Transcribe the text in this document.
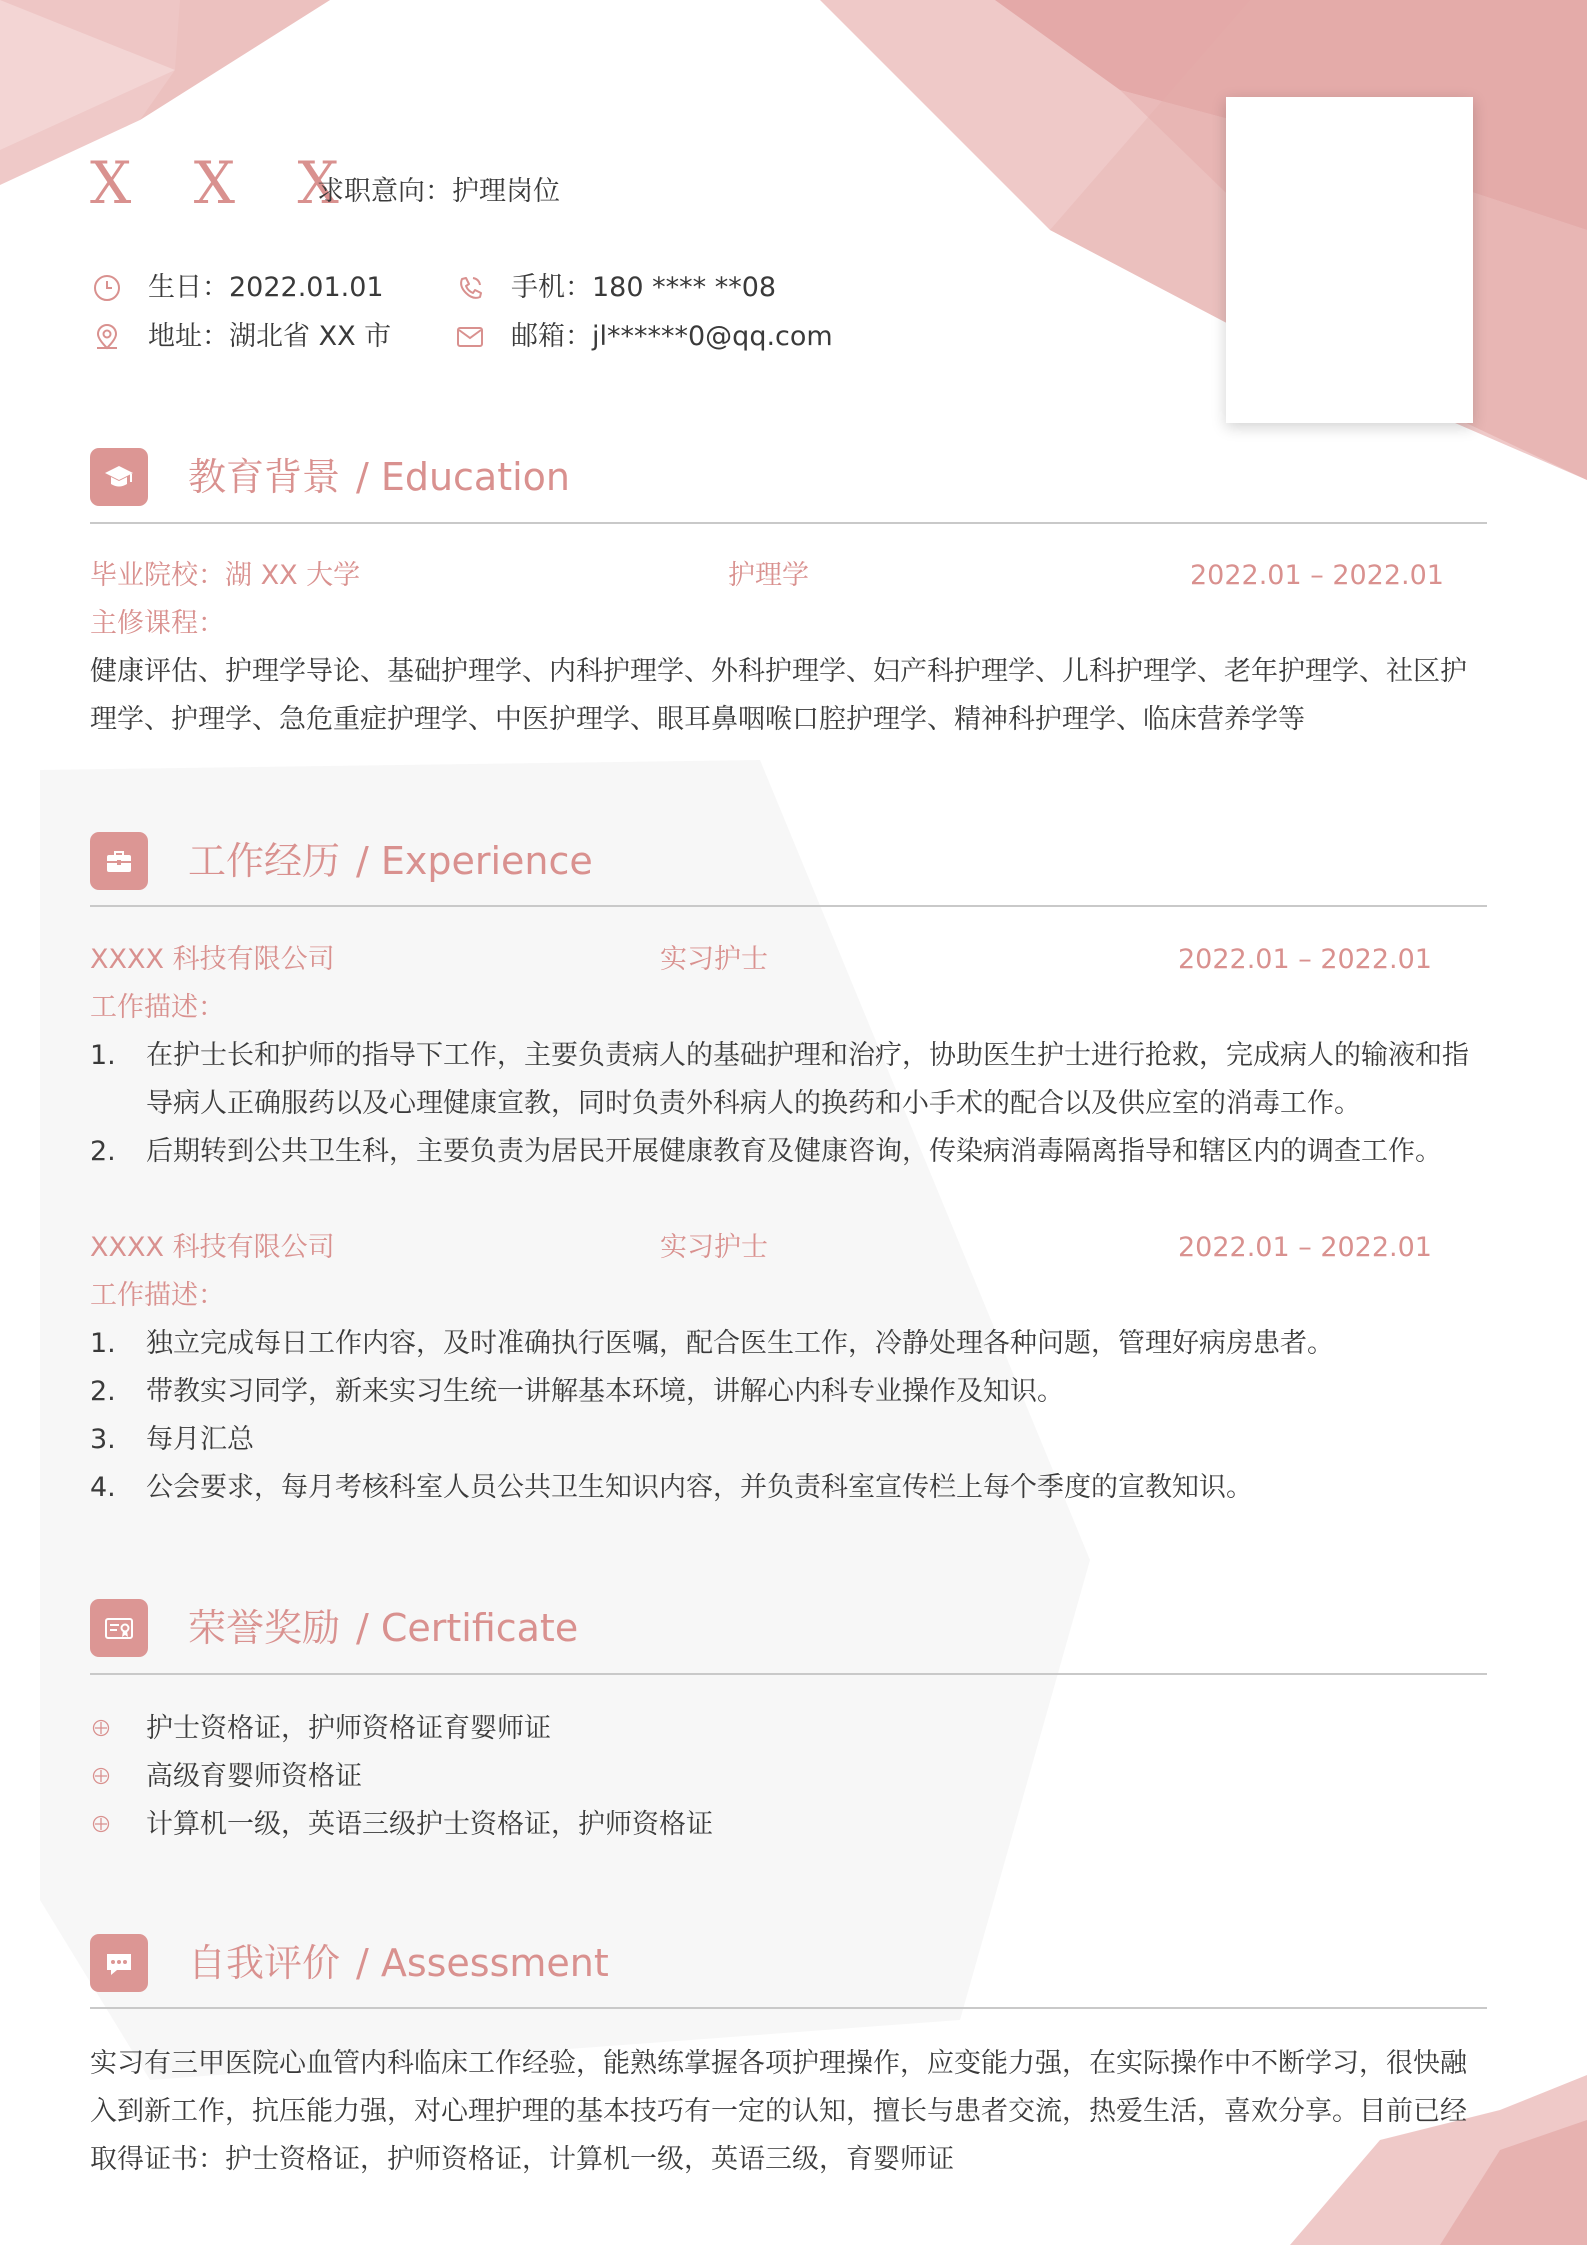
X X X
求职意向：护理岗位
生日：2022.01.01	手机：180 **** **08
地址：湖北省 XX 市	邮箱：jl******0@qq.com
教育背景 / Education
毕业院校：湖 XX 大学	护理学	2022.01 – 2022.01
主修课程：
健康评估、护理学导论、基础护理学、内科护理学、外科护理学、妇产科护理学、儿科护理学、老年护理学、社区护理学、护理学、急危重症护理学、中医护理学、眼耳鼻咽喉口腔护理学、精神科护理学、临床营养学等
工作经历 / Experience
XXXX 科技有限公司	实习护士	2022.01 – 2022.01
工作描述：
1. 在护士长和护师的指导下工作，主要负责病人的基础护理和治疗，协助医生护士进行抢救，完成病人的输液和指导病人正确服药以及心理健康宣教，同时负责外科病人的换药和小手术的配合以及供应室的消毒工作。
2. 后期转到公共卫生科，主要负责为居民开展健康教育及健康咨询，传染病消毒隔离指导和辖区内的调查工作。
XXXX 科技有限公司	实习护士	2022.01 – 2022.01
工作描述：
1. 独立完成每日工作内容，及时准确执行医嘱，配合医生工作，冷静处理各种问题，管理好病房患者。
2. 带教实习同学，新来实习生统一讲解基本环境，讲解心内科专业操作及知识。
3. 每月汇总
4. 公会要求，每月考核科室人员公共卫生知识内容，并负责科室宣传栏上每个季度的宣教知识。
荣誉奖励 / Certificate
护士资格证，护师资格证育婴师证
高级育婴师资格证
计算机一级，英语三级护士资格证，护师资格证
自我评价 / Assessment
实习有三甲医院心血管内科临床工作经验，能熟练掌握各项护理操作，应变能力强，在实际操作中不断学习，很快融入到新工作，抗压能力强，对心理护理的基本技巧有一定的认知，擅长与患者交流，热爱生活，喜欢分享。目前已经取得证书：护士资格证，护师资格证，计算机一级，英语三级，育婴师证
